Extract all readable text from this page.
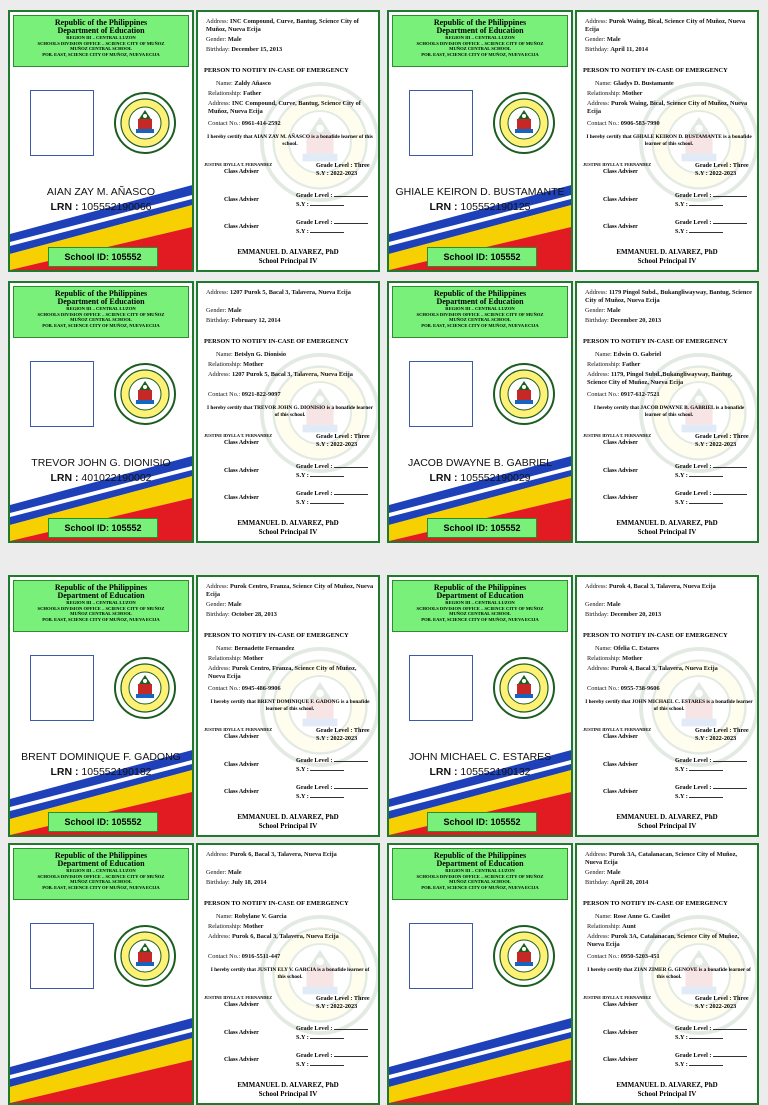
Republic of the Philippines
Department of Education
REGION III – CENTRAL LUZON
SCHOOLS DIVISION OFFICE – SCIENCE CITY OF MUÑOZ
MUÑOZ CENTRAL SCHOOL
POB. EAST, SCIENCE CITY OF MUÑOZ, NUEVA ECIJA
AIAN ZAY M. AÑASCO
LRN : 105552190066
School ID: 105552
Address: INC Compound, Curve, Bantug, Science City of Muñoz, Nueva Ecija
Gender: Male
Birthday: December 15, 2013
PERSON TO NOTIFY IN-CASE OF EMERGENCY
Name: Zaldy Añasco
Relationship: Father
Address: INC Compound, Curve, Bantug, Science City of Muñoz, Nueva Ecija
Contact No.: 0961-414-2592
I hereby certify that AIAN ZAY M. AÑASCO is a bonafide learner of this school.
JUSTINE IDYLLA T. FERNANDEZ
Class Adviser
Grade Level : Three
S.Y : 2022-2023
Class Adviser
Grade Level :
S.Y :
Class Adviser
Grade Level :
S.Y :
EMMANUEL D. ALVAREZ, PhD
School Principal IV
Republic of the Philippines
Department of Education
REGION III – CENTRAL LUZON
SCHOOLS DIVISION OFFICE – SCIENCE CITY OF MUÑOZ
MUÑOZ CENTRAL SCHOOL
POB. EAST, SCIENCE CITY OF MUÑOZ, NUEVA ECIJA
GHIALE KEIRON D. BUSTAMANTE
LRN : 105552190125
School ID: 105552
Address: Purok Waing, Bical, Science City of Muñoz, Nueva Ecija
Gender: Male
Birthday: April 11, 2014
PERSON TO NOTIFY IN-CASE OF EMERGENCY
Name: Gladys D. Bustamante
Relationship: Mother
Address: Purok Waing, Bical, Science City of Muñoz, Nueva Ecija
Contact No.: 0906-583-7990
I hereby certify that GHIALE KEIRON D. BUSTAMANTE is a bonafide learner of this school.
JUSTINE IDYLLA T. FERNANDEZ
Class Adviser
Grade Level : Three
S.Y : 2022-2023
Class Adviser
Grade Level :
S.Y :
Class Adviser
Grade Level :
S.Y :
EMMANUEL D. ALVAREZ, PhD
School Principal IV
Republic of the Philippines
Department of Education
REGION III – CENTRAL LUZON
SCHOOLS DIVISION OFFICE – SCIENCE CITY OF MUÑOZ
MUÑOZ CENTRAL SCHOOL
POB. EAST, SCIENCE CITY OF MUÑOZ, NUEVA ECIJA
TREVOR JOHN G. DIONISIO
LRN : 401022190002
School ID: 105552
Address: 1207 Purok 5, Bacal 3, Talavera, Nueva Ecija
Gender: Male
Birthday: February 12, 2014
PERSON TO NOTIFY IN-CASE OF EMERGENCY
Name: Betslyn G. Dionisio
Relationship: Mother
Address: 1207 Purok 5, Bacal 3, Talavera, Nueva Ecija
Contact No.: 0921-822-9097
I hereby certify that TREVOR JOHN G. DIONISIO is a bonafide learner of this school.
JUSTINE IDYLLA T. FERNANDEZ
Class Adviser
Grade Level : Three
S.Y : 2022-2023
Class Adviser
Grade Level :
S.Y :
Class Adviser
Grade Level :
S.Y :
EMMANUEL D. ALVAREZ, PhD
School Principal IV
Republic of the Philippines
Department of Education
REGION III – CENTRAL LUZON
SCHOOLS DIVISION OFFICE – SCIENCE CITY OF MUÑOZ
MUÑOZ CENTRAL SCHOOL
POB. EAST, SCIENCE CITY OF MUÑOZ, NUEVA ECIJA
JACOB DWAYNE B. GABRIEL
LRN : 105552190029
School ID: 105552
Address: 1179 Pingol Subd., Bukangliwayway, Bantug, Science City of Muñoz, Nueva Ecija
Gender: Male
Birthday: December 20, 2013
PERSON TO NOTIFY IN-CASE OF EMERGENCY
Name: Edwin O. Gabriel
Relationship: Father
Address: 1179, Pingol Subd.,Bukangliwayway, Bantug, Science City of Muñoz, Nueva Ecija
Contact No.: 0917-612-7521
I hereby certify that JACOB DWAYNE B. GABRIEL is a bonafide learner of this school.
JUSTINE IDYLLA T. FERNANDEZ
Class Adviser
Grade Level : Three
S.Y : 2022-2023
Class Adviser
Grade Level :
S.Y :
Class Adviser
Grade Level :
S.Y :
EMMANUEL D. ALVAREZ, PhD
School Principal IV
Republic of the Philippines
Department of Education
REGION III – CENTRAL LUZON
SCHOOLS DIVISION OFFICE – SCIENCE CITY OF MUÑOZ
MUÑOZ CENTRAL SCHOOL
POB. EAST, SCIENCE CITY OF MUÑOZ, NUEVA ECIJA
BRENT DOMINIQUE F. GADONG
LRN : 105552190182
School ID: 105552
Address: Purok Centro, Franza, Science City of Muñoz, Nueva Ecija
Gender: Male
Birthday: October 28, 2013
PERSON TO NOTIFY IN-CASE OF EMERGENCY
Name: Bernadette Fernandez
Relationship: Mother
Address: Purok Centro, Franza, Science City of Muñoz, Nueva Ecija
Contact No.: 0945-486-9906
I hereby certify that BRENT DOMINIQUE F. GADONG is a bonafide learner of this school.
JUSTINE IDYLLA T. FERNANDEZ
Class Adviser
Grade Level : Three
S.Y : 2022-2023
Class Adviser
Grade Level :
S.Y :
Class Adviser
Grade Level :
S.Y :
EMMANUEL D. ALVAREZ, PhD
School Principal IV
Republic of the Philippines
Department of Education
REGION III – CENTRAL LUZON
SCHOOLS DIVISION OFFICE – SCIENCE CITY OF MUÑOZ
MUÑOZ CENTRAL SCHOOL
POB. EAST, SCIENCE CITY OF MUÑOZ, NUEVA ECIJA
JOHN MICHAEL C. ESTARES
LRN : 105552190132
School ID: 105552
Address: Purok 4, Bacal 3, Talavera, Nueva Ecija
Gender: Male
Birthday: December 20, 2013
PERSON TO NOTIFY IN-CASE OF EMERGENCY
Name: Ofelia C. Estares
Relationship: Mother
Address: Purok 4, Bacal 3, Talavera, Nueva Ecija
Contact No.: 0955-738-9606
I hereby certify that JOHN MICHAEL C. ESTARES is a bonafide learner of this school.
JUSTINE IDYLLA T. FERNANDEZ
Class Adviser
Grade Level : Three
S.Y : 2022-2023
Class Adviser
Grade Level :
S.Y :
Class Adviser
Grade Level :
S.Y :
EMMANUEL D. ALVAREZ, PhD
School Principal IV
Republic of the Philippines
Department of Education
REGION III – CENTRAL LUZON
SCHOOLS DIVISION OFFICE – SCIENCE CITY OF MUÑOZ
MUÑOZ CENTRAL SCHOOL
POB. EAST, SCIENCE CITY OF MUÑOZ, NUEVA ECIJA
Address: Purok 6, Bacal 3, Talavera, Nueva Ecija
Gender: Male
Birthday: July 18, 2014
PERSON TO NOTIFY IN-CASE OF EMERGENCY
Name: Robylane V. Garcia
Relationship: Mother
Address: Purok 6, Bacal 3, Talavera, Nueva Ecija
Contact No.: 0916-5511-447
I hereby certify that JUSTIN ELY V. GARCIA is a bonafide learner of this school.
JUSTINE IDYLLA T. FERNANDEZ
Class Adviser
Grade Level : Three
S.Y : 2022-2023
Class Adviser
Grade Level :
S.Y :
Class Adviser
Grade Level :
S.Y :
EMMANUEL D. ALVAREZ, PhD
School Principal IV
Republic of the Philippines
Department of Education
REGION III – CENTRAL LUZON
SCHOOLS DIVISION OFFICE – SCIENCE CITY OF MUÑOZ
MUÑOZ CENTRAL SCHOOL
POB. EAST, SCIENCE CITY OF MUÑOZ, NUEVA ECIJA
Address: Purok 3A, Catalanacan, Science City of Muñoz, Nueva Ecija
Gender: Male
Birthday: April 20, 2014
PERSON TO NOTIFY IN-CASE OF EMERGENCY
Name: Rose Anne G. Casilet
Relationship: Aunt
Address: Purok 3A, Catalanacan, Science City of Muñoz, Nueva Ecija
Contact No.: 0950-5203-451
I hereby certify that ZIAN ZIMER G. GENOVE is a bonafide learner of this school.
JUSTINE IDYLLA T. FERNANDEZ
Class Adviser
Grade Level : Three
S.Y : 2022-2023
Class Adviser
Grade Level :
S.Y :
Class Adviser
Grade Level :
S.Y :
EMMANUEL D. ALVAREZ, PhD
School Principal IV
